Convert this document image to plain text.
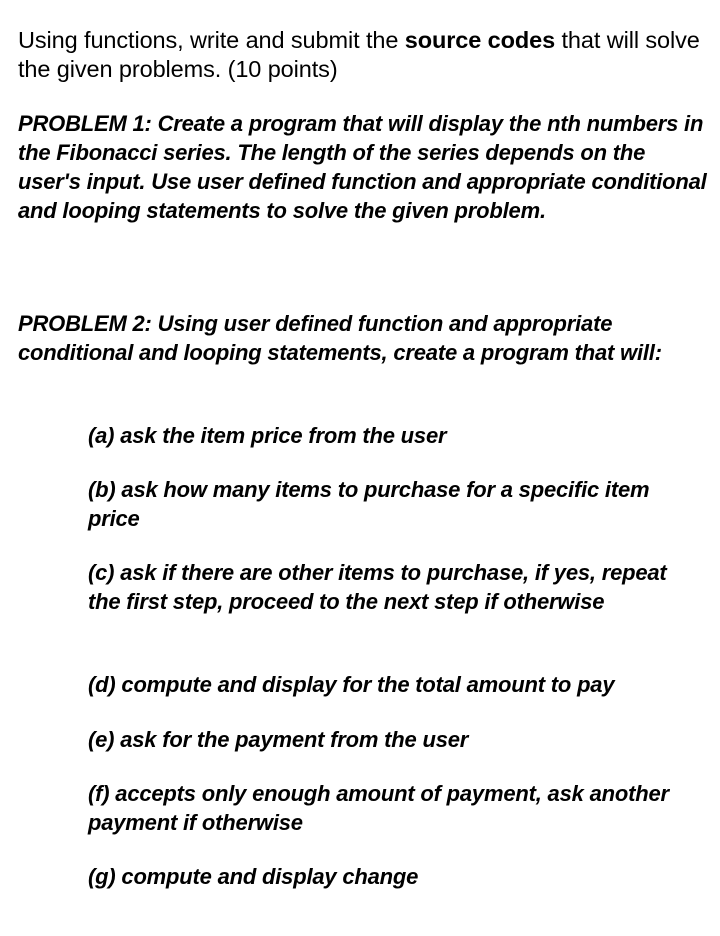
Using functions, write and submit the source codes that will solve the given problems. (10 points)

PROBLEM 1: Create a program that will display the nth numbers in the Fibonacci series. The length of the series depends on the user's input. Use user defined function and appropriate conditional and looping statements to solve the given problem.

PROBLEM 2: Using user defined function and appropriate conditional and looping statements, create a program that will:

(a) ask the item price from the user

(b) ask how many items to purchase for a specific item price

(c) ask if there are other items to purchase, if yes, repeat the first step, proceed to the next step if otherwise

(d) compute and display for the total amount to pay

(e) ask for the payment from the user

(f) accepts only enough amount of payment, ask another payment if otherwise

(g) compute and display change
